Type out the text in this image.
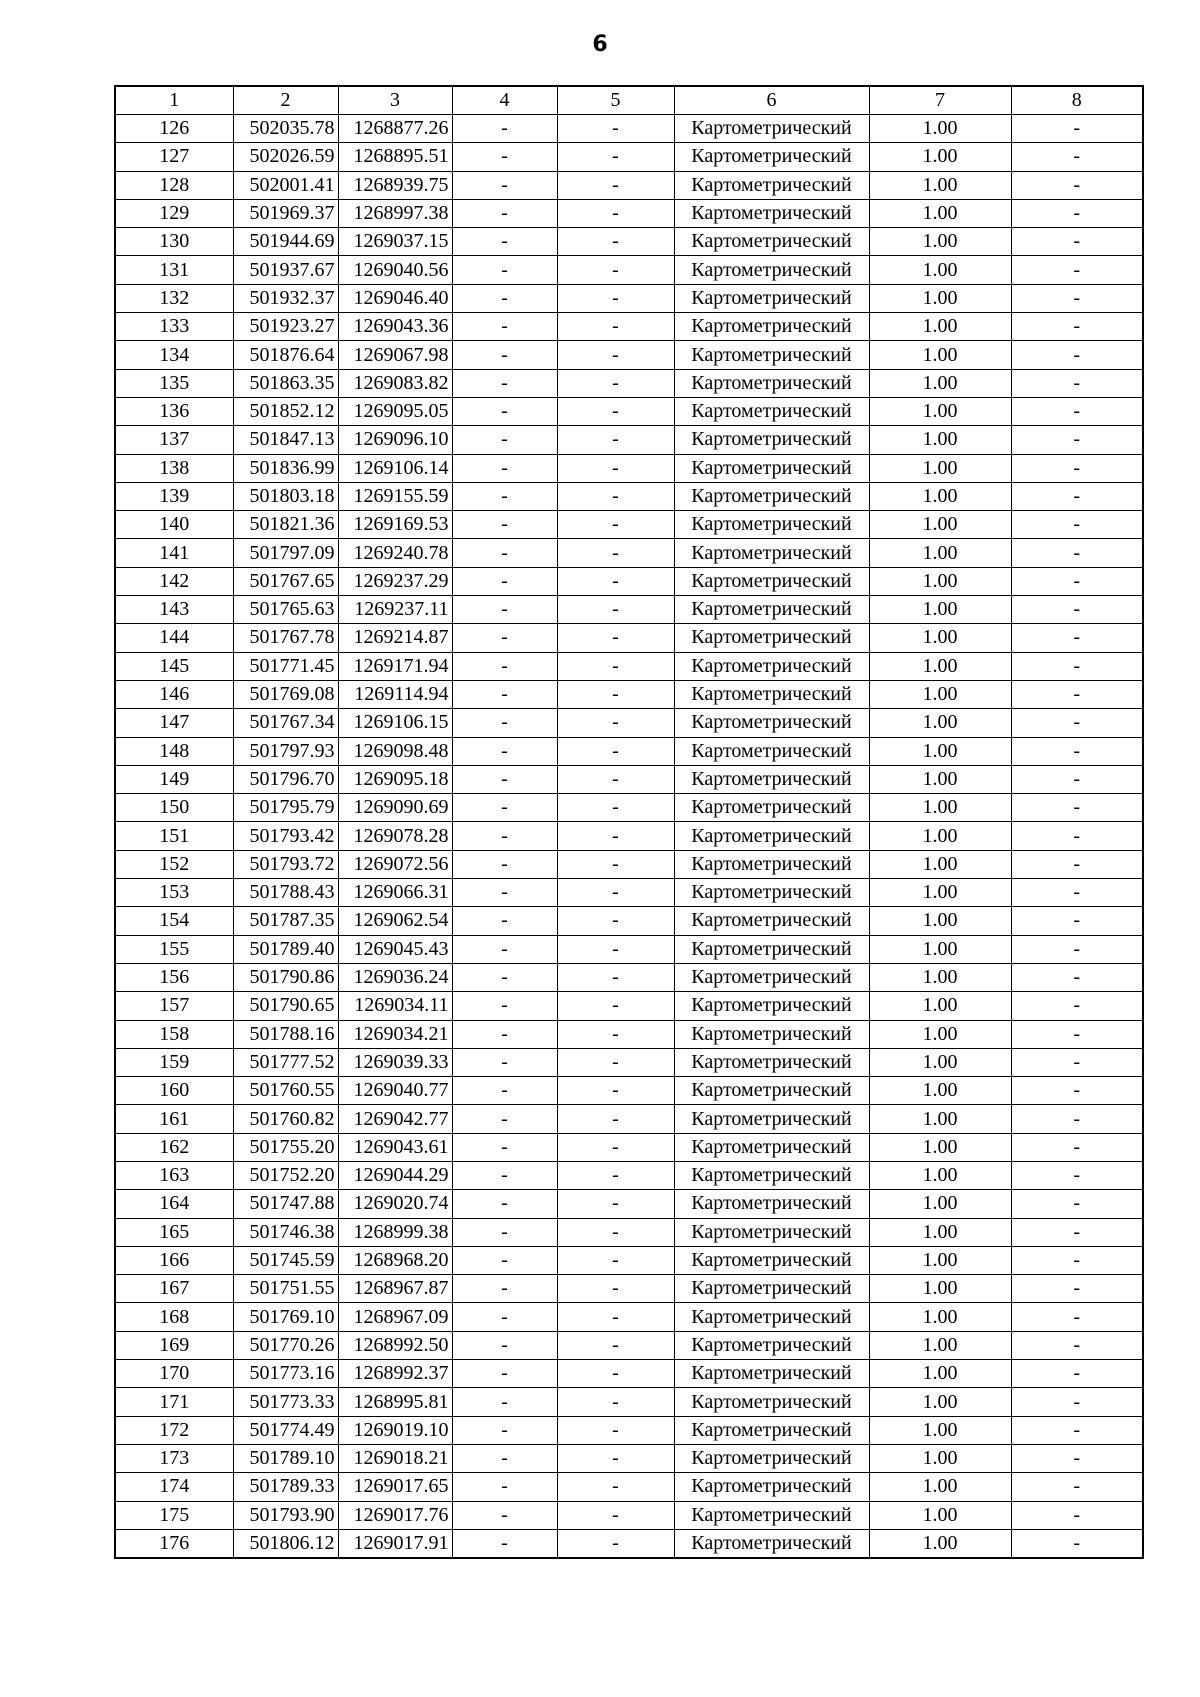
6
1	2	3	4	5	6	7	8
126	502035.78	1268877.26	-	-	Картометрический	1.00	-
127	502026.59	1268895.51	-	-	Картометрический	1.00	-
128	502001.41	1268939.75	-	-	Картометрический	1.00	-
129	501969.37	1268997.38	-	-	Картометрический	1.00	-
130	501944.69	1269037.15	-	-	Картометрический	1.00	-
131	501937.67	1269040.56	-	-	Картометрический	1.00	-
132	501932.37	1269046.40	-	-	Картометрический	1.00	-
133	501923.27	1269043.36	-	-	Картометрический	1.00	-
134	501876.64	1269067.98	-	-	Картометрический	1.00	-
135	501863.35	1269083.82	-	-	Картометрический	1.00	-
136	501852.12	1269095.05	-	-	Картометрический	1.00	-
137	501847.13	1269096.10	-	-	Картометрический	1.00	-
138	501836.99	1269106.14	-	-	Картометрический	1.00	-
139	501803.18	1269155.59	-	-	Картометрический	1.00	-
140	501821.36	1269169.53	-	-	Картометрический	1.00	-
141	501797.09	1269240.78	-	-	Картометрический	1.00	-
142	501767.65	1269237.29	-	-	Картометрический	1.00	-
143	501765.63	1269237.11	-	-	Картометрический	1.00	-
144	501767.78	1269214.87	-	-	Картометрический	1.00	-
145	501771.45	1269171.94	-	-	Картометрический	1.00	-
146	501769.08	1269114.94	-	-	Картометрический	1.00	-
147	501767.34	1269106.15	-	-	Картометрический	1.00	-
148	501797.93	1269098.48	-	-	Картометрический	1.00	-
149	501796.70	1269095.18	-	-	Картометрический	1.00	-
150	501795.79	1269090.69	-	-	Картометрический	1.00	-
151	501793.42	1269078.28	-	-	Картометрический	1.00	-
152	501793.72	1269072.56	-	-	Картометрический	1.00	-
153	501788.43	1269066.31	-	-	Картометрический	1.00	-
154	501787.35	1269062.54	-	-	Картометрический	1.00	-
155	501789.40	1269045.43	-	-	Картометрический	1.00	-
156	501790.86	1269036.24	-	-	Картометрический	1.00	-
157	501790.65	1269034.11	-	-	Картометрический	1.00	-
158	501788.16	1269034.21	-	-	Картометрический	1.00	-
159	501777.52	1269039.33	-	-	Картометрический	1.00	-
160	501760.55	1269040.77	-	-	Картометрический	1.00	-
161	501760.82	1269042.77	-	-	Картометрический	1.00	-
162	501755.20	1269043.61	-	-	Картометрический	1.00	-
163	501752.20	1269044.29	-	-	Картометрический	1.00	-
164	501747.88	1269020.74	-	-	Картометрический	1.00	-
165	501746.38	1268999.38	-	-	Картометрический	1.00	-
166	501745.59	1268968.20	-	-	Картометрический	1.00	-
167	501751.55	1268967.87	-	-	Картометрический	1.00	-
168	501769.10	1268967.09	-	-	Картометрический	1.00	-
169	501770.26	1268992.50	-	-	Картометрический	1.00	-
170	501773.16	1268992.37	-	-	Картометрический	1.00	-
171	501773.33	1268995.81	-	-	Картометрический	1.00	-
172	501774.49	1269019.10	-	-	Картометрический	1.00	-
173	501789.10	1269018.21	-	-	Картометрический	1.00	-
174	501789.33	1269017.65	-	-	Картометрический	1.00	-
175	501793.90	1269017.76	-	-	Картометрический	1.00	-
176	501806.12	1269017.91	-	-	Картометрический	1.00	-
